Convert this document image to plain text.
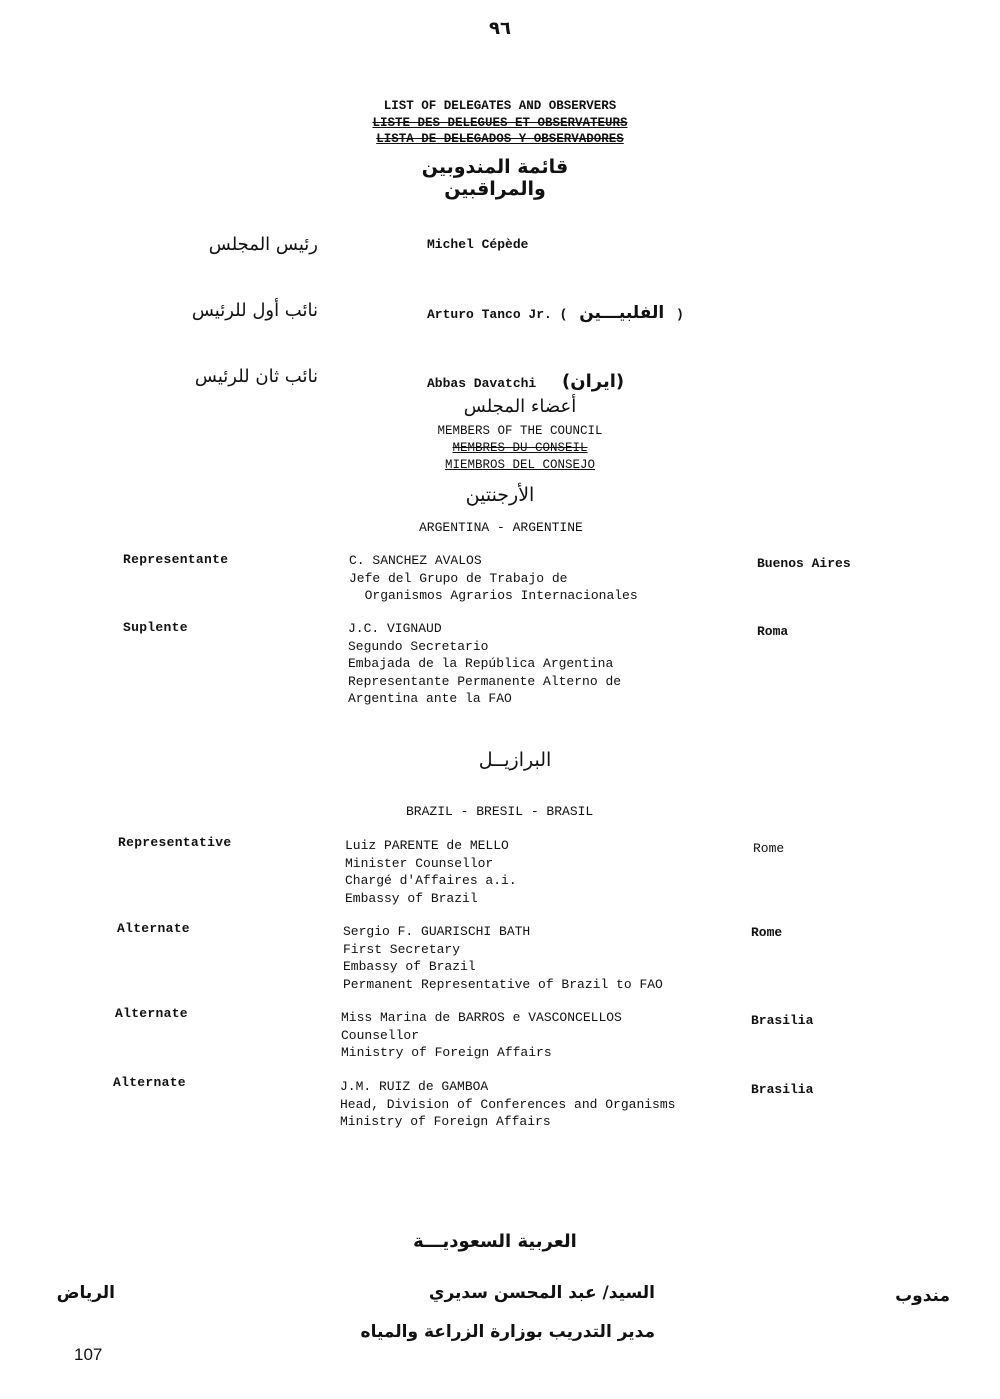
٩٦
LIST OF DELEGATES AND OBSERVERS
LISTE DES DELEGUES ET OBSERVATEURS
LISTA DE DELEGADOS Y OBSERVADORES
قائمة المندوبين والمراقبين
رئيس المجلس	Michel Cépède
نائب أول للرئيس	Arturo Tanco Jr. ( الفلبيـــين )
نائب ثان للرئيس	Abbas Davatchi (ايران)
أعضاء المجلس
MEMBERS OF THE COUNCIL
MEMBRES DU CONSEIL
MIEMBROS DEL CONSEJO
الأرجنتين
ARGENTINA - ARGENTINE
Representante	C. SANCHEZ AVALOS
Jefe del Grupo de Trabajo de
Organismos Agrarios Internacionales
Buenos Aires
Suplente	J.C. VIGNAUD
Segundo Secretario
Embajada de la República Argentina
Representante Permanente Alterno de
Argentina ante la FAO
Roma
البرازيــل
BRAZIL - BRESIL - BRASIL
Representative	Luiz PARENTE de MELLO
Minister Counsellor
Chargé d'Affaires a.i.
Embassy of Brazil
Rome
Alternate	Sergio F. GUARISCHI BATH
First Secretary
Embassy of Brazil
Permanent Representative of Brazil to FAO
Rome
Alternate	Miss Marina de BARROS e VASCONCELLOS
Counsellor
Ministry of Foreign Affairs
Brasilia
Alternate	J.M. RUIZ de GAMBOA
Head, Division of Conferences and Organisms
Ministry of Foreign Affairs
Brasilia
العربية السعوديـــة
الرياض	السيد/ عبد المحسن سديري
مدير التدريب بوزارة الزراعة والمياه
مندوب
107
